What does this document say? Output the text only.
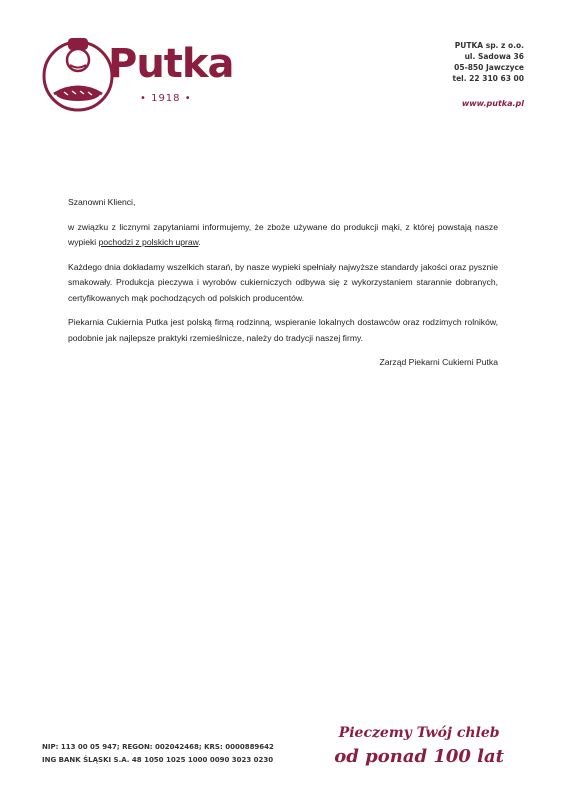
Putka
• 1918 •
PUTKA sp. z o.o.
ul. Sadowa 36
05-850 Jawczyce
tel. 22 310 63 00
www.putka.pl

Szanowni Klienci,

w związku z licznymi zapytaniami informujemy, że zboże używane do produkcji mąki, z której powstają nasze wypieki pochodzi z polskich upraw.

Każdego dnia dokładamy wszelkich starań, by nasze wypieki spełniały najwyższe standardy jakości oraz pysznie smakowały. Produkcja pieczywa i wyrobów cukierniczych odbywa się z wykorzystaniem starannie dobranych, certyfikowanych mąk pochodzących od polskich producentów.

Piekarnia Cukiernia Putka jest polską firmą rodzinną, wspieranie lokalnych dostawców oraz rodzimych rolników, podobnie jak najlepsze praktyki rzemieślnicze, należy do tradycji naszej firmy.

Zarząd Piekarni Cukierni Putka
NIP: 113 00 05 947; REGON: 002042468; KRS: 0000889642
ING BANK ŚLĄSKI S.A. 48 1050 1025 1000 0090 3023 0230
Pieczemy Twój chleb
od ponad 100 lat
